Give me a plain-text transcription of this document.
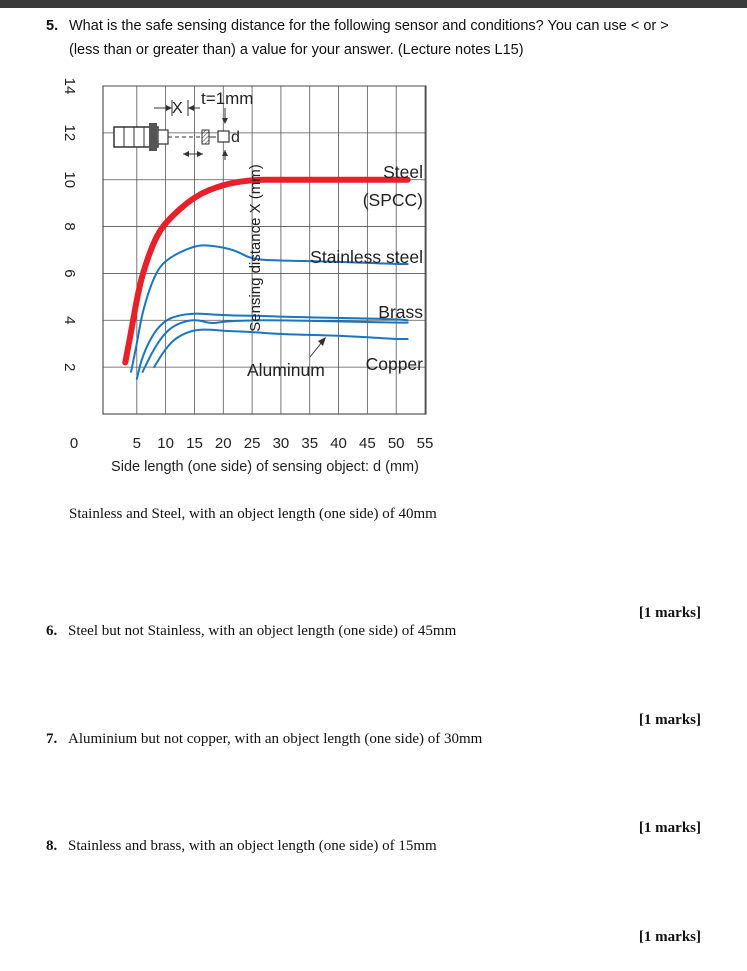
5. What is the safe sensing distance for the following sensor and conditions? You can use < or >
(less than or greater than) a value for your answer. (Lecture notes L15)
0	5 10 15 20 25 30 35 40 45 50 55
2
4
6
8
10
12
14
X
t=1mm
d
Steel
(SPCC)
Stainless steel
Brass
Copper
Aluminum
Sensing distance X (mm)
Side length (one side) of sensing object: d (mm)
Stainless and Steel, with an object length (one side) of 40mm
[1 marks]
6. Steel but not Stainless, with an object length (one side) of 45mm
[1 marks]
7. Aluminium but not copper, with an object length (one side) of 30mm
[1 marks]
8. Stainless and brass, with an object length (one side) of 15mm
[1 marks]
